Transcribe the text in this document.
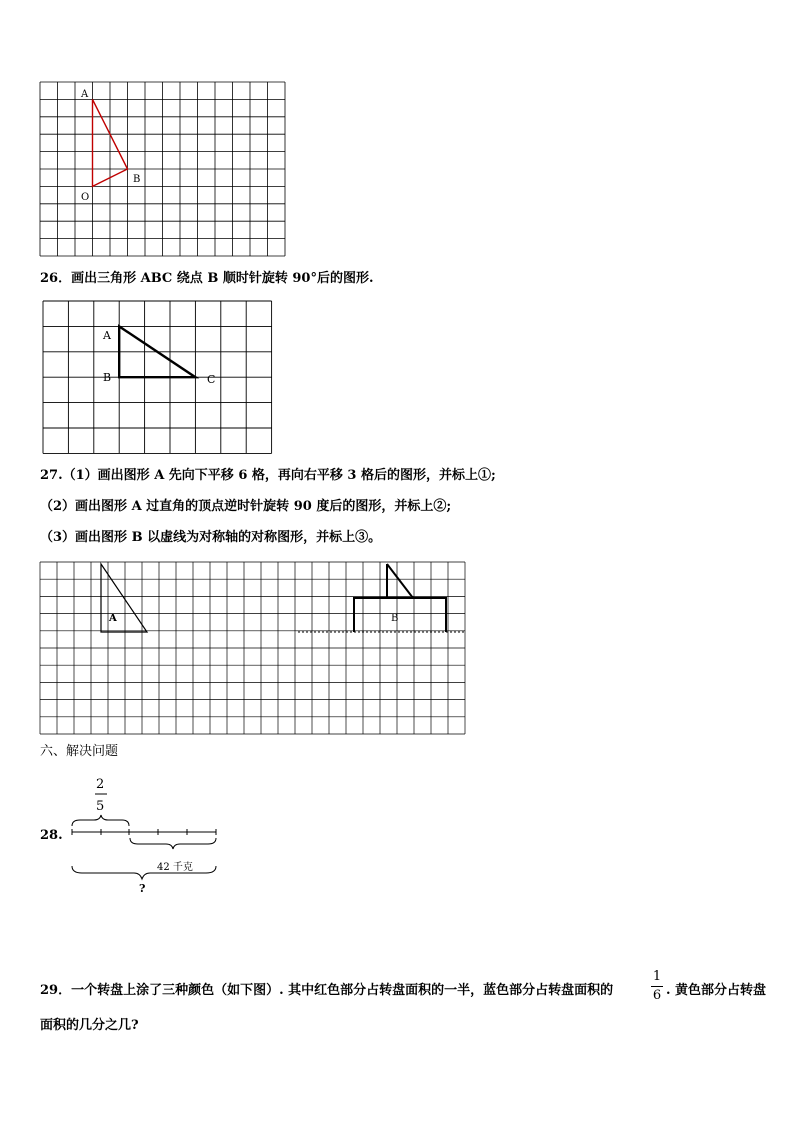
A
B
O
26．画出三角形 ABC 绕点 B 顺时针旋转 90°后的图形.
A
B	C
27.（1）画出图形 A 先向下平移 6 格，再向右平移 3 格后的图形，并标上①;
（2）画出图形 A 过直角的顶点逆时针旋转 90 度后的图形，并标上②;
（3）画出图形 B 以虚线为对称轴的对称图形，并标上③。
A	B
六、解决问题
28.
2
5
42 千克
?
29．一个转盘上涂了三种颜色（如下图）. 其中红色部分占转盘面积的一半，蓝色部分占转盘面积的
1
6 . 黄色部分占转盘
面积的几分之几?
